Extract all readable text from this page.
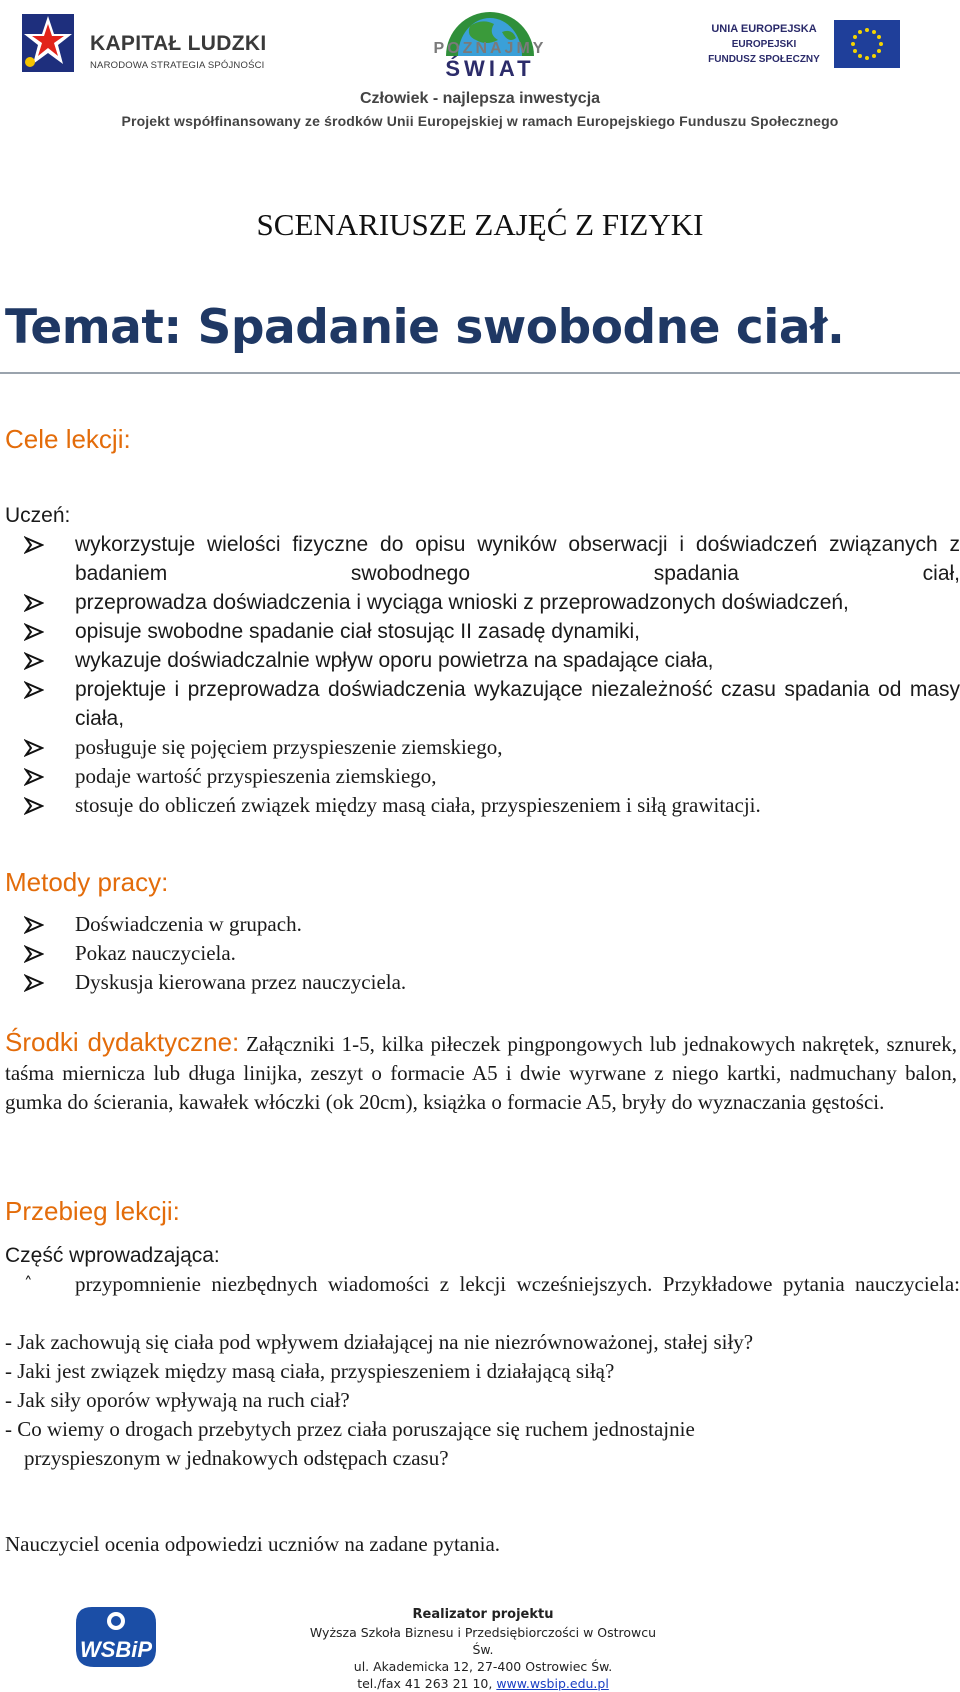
KAPITAŁ LUDZKI
NARODOWA STRATEGIA SPÓJNOŚCI
POZNAJMY
ŚWIAT
UNIA EUROPEJSKA
EUROPEJSKI
FUNDUSZ SPOŁECZNY
Człowiek - najlepsza inwestycja
Projekt współfinansowany ze środków Unii Europejskiej w ramach Europejskiego Funduszu Społecznego
SCENARIUSZE ZAJĘĆ Z FIZYKI
Temat: Spadanie swobodne ciał.
Cele lekcji:
Uczeń:
wykorzystuje wielości fizyczne do opisu wyników obserwacji i doświadczeń związanych z badaniem swobodnego spadania ciał,
przeprowadza doświadczenia i wyciąga wnioski z przeprowadzonych doświadczeń,
opisuje swobodne spadanie ciał stosując II zasadę dynamiki,
wykazuje doświadczalnie wpływ oporu powietrza na spadające ciała,
projektuje i przeprowadza doświadczenia wykazujące niezależność czasu spadania od masy ciała,
posługuje się pojęciem przyspieszenie ziemskiego,
podaje wartość przyspieszenia ziemskiego,
stosuje do obliczeń związek między masą ciała, przyspieszeniem i siłą grawitacji.
Metody pracy:
Doświadczenia w grupach.
Pokaz nauczyciela.
Dyskusja kierowana przez nauczyciela.
Środki dydaktyczne: Załączniki 1-5, kilka piłeczek pingpongowych lub jednakowych nakrętek, sznurek, taśma miernicza lub długa linijka, zeszyt o formacie A5 i dwie wyrwane z niego kartki, nadmuchany balon, gumka do ścierania, kawałek włóczki (ok 20cm), książka o formacie A5, bryły do wyznaczania gęstości.
Przebieg lekcji:
Część wprowadzająca:
˄ przypomnienie niezbędnych wiadomości z lekcji wcześniejszych. Przykładowe pytania nauczyciela:
- Jak zachowują się ciała pod wpływem działającej na nie niezrównoważonej, stałej siły?
- Jaki jest związek między masą ciała, przyspieszeniem i działającą siłą?
- Jak siły oporów wpływają na ruch ciał?
- Co wiemy o drogach przebytych przez ciała poruszające się ruchem jednostajnie
przyspieszonym w jednakowych odstępach czasu?
Nauczyciel ocenia odpowiedzi uczniów na zadane pytania.
WSBiP
Realizator projektu
Wyższa Szkoła Biznesu i Przedsiębiorczości w Ostrowcu Św.
ul. Akademicka 12, 27-400 Ostrowiec Św.
tel./fax 41 263 21 10, www.wsbip.edu.pl
